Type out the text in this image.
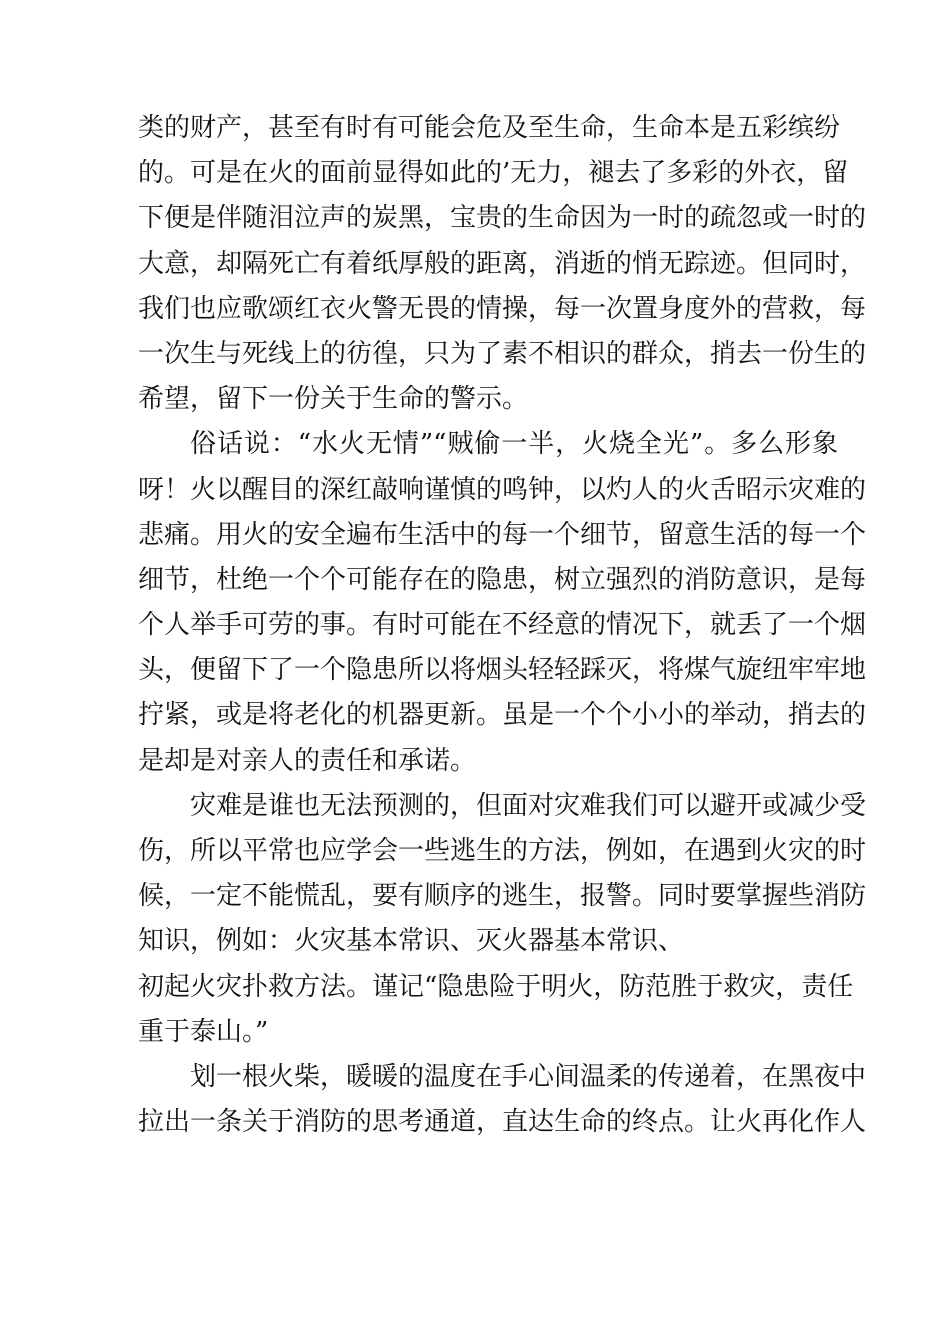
类的财产，甚至有时有可能会危及至生命，生命本是五彩缤纷
的。可是在火的面前显得如此的’无力，褪去了多彩的外衣，留
下便是伴随泪泣声的炭黑，宝贵的生命因为一时的疏忽或一时的
大意，却隔死亡有着纸厚般的距离，消逝的悄无踪迹。但同时，
我们也应歌颂红衣火警无畏的情操，每一次置身度外的营救，每
一次生与死线上的彷徨，只为了素不相识的群众，捎去一份生的
希望，留下一份关于生命的警示。
俗话说：“水火无情”“贼偷一半，火烧全光”。多么形象
呀！火以醒目的深红敲响谨慎的鸣钟，以灼人的火舌昭示灾难的
悲痛。用火的安全遍布生活中的每一个细节，留意生活的每一个
细节，杜绝一个个可能存在的隐患，树立强烈的消防意识，是每
个人举手可劳的事。有时可能在不经意的情况下，就丢了一个烟
头，便留下了一个隐患所以将烟头轻轻踩灭，将煤气旋纽牢牢地
拧紧，或是将老化的机器更新。虽是一个个小小的举动，捎去的
是却是对亲人的责任和承诺。
灾难是谁也无法预测的，但面对灾难我们可以避开或减少受
伤，所以平常也应学会一些逃生的方法，例如，在遇到火灾的时
候，一定不能慌乱，要有顺序的逃生，报警。同时要掌握些消防
知识，例如：火灾基本常识、灭火器基本常识、
初起火灾扑救方法。谨记“隐患险于明火，防范胜于救灾，责任
重于泰山。”
划一根火柴，暖暖的温度在手心间温柔的传递着，在黑夜中
拉出一条关于消防的思考通道，直达生命的终点。让火再化作人
